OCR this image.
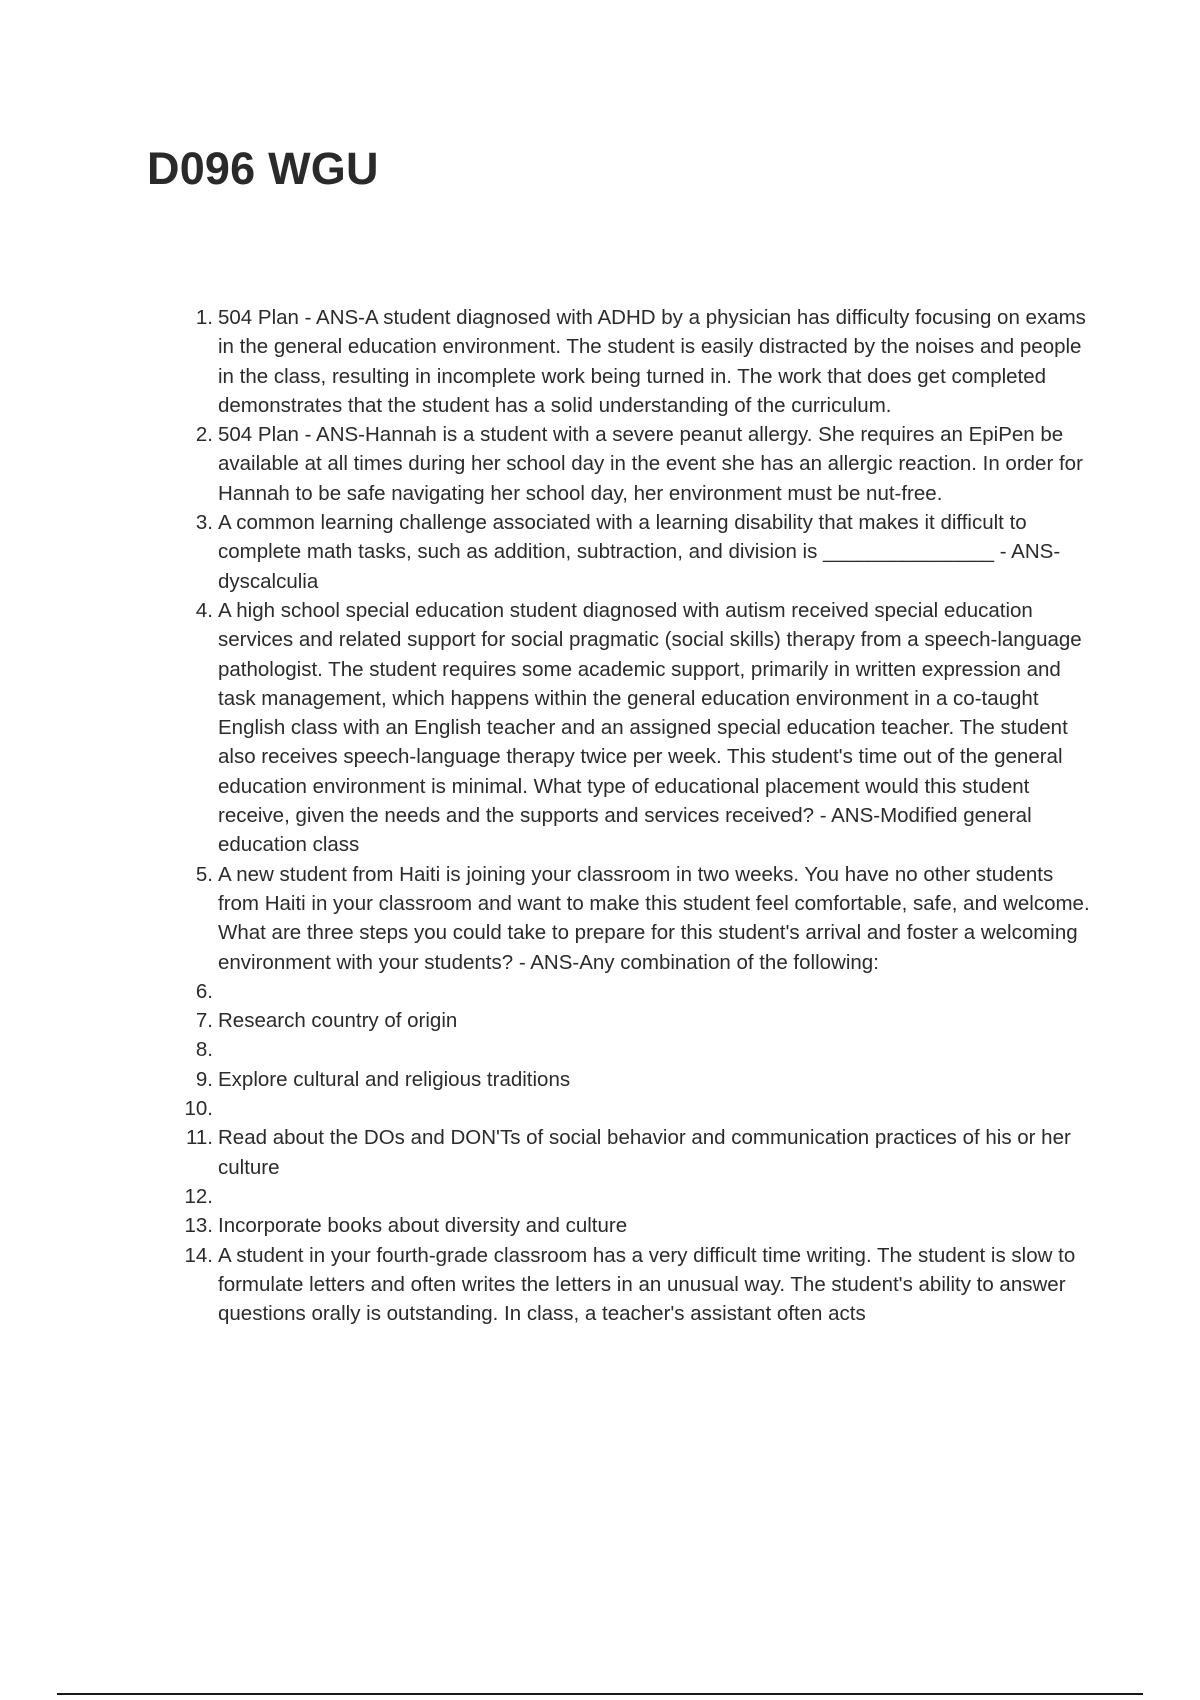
D096 WGU
1. 504 Plan - ANS-A student diagnosed with ADHD by a physician has difficulty focusing on exams in the general education environment. The student is easily distracted by the noises and people in the class, resulting in incomplete work being turned in. The work that does get completed demonstrates that the student has a solid understanding of the curriculum.
2. 504 Plan - ANS-Hannah is a student with a severe peanut allergy. She requires an EpiPen be available at all times during her school day in the event she has an allergic reaction. In order for Hannah to be safe navigating her school day, her environment must be nut-free.
3. A common learning challenge associated with a learning disability that makes it difficult to complete math tasks, such as addition, subtraction, and division is _______________ - ANS-dyscalculia
4. A high school special education student diagnosed with autism received special education services and related support for social pragmatic (social skills) therapy from a speech-language pathologist. The student requires some academic support, primarily in written expression and task management, which happens within the general education environment in a co-taught English class with an English teacher and an assigned special education teacher. The student also receives speech-language therapy twice per week. This student's time out of the general education environment is minimal. What type of educational placement would this student receive, given the needs and the supports and services received? - ANS-Modified general education class
5. A new student from Haiti is joining your classroom in two weeks. You have no other students from Haiti in your classroom and want to make this student feel comfortable, safe, and welcome. What are three steps you could take to prepare for this student's arrival and foster a welcoming environment with your students? - ANS-Any combination of the following:
6.
7. Research country of origin
8.
9. Explore cultural and religious traditions
10.
11. Read about the DOs and DON'Ts of social behavior and communication practices of his or her culture
12.
13. Incorporate books about diversity and culture
14. A student in your fourth-grade classroom has a very difficult time writing. The student is slow to formulate letters and often writes the letters in an unusual way. The student's ability to answer questions orally is outstanding. In class, a teacher's assistant often acts
